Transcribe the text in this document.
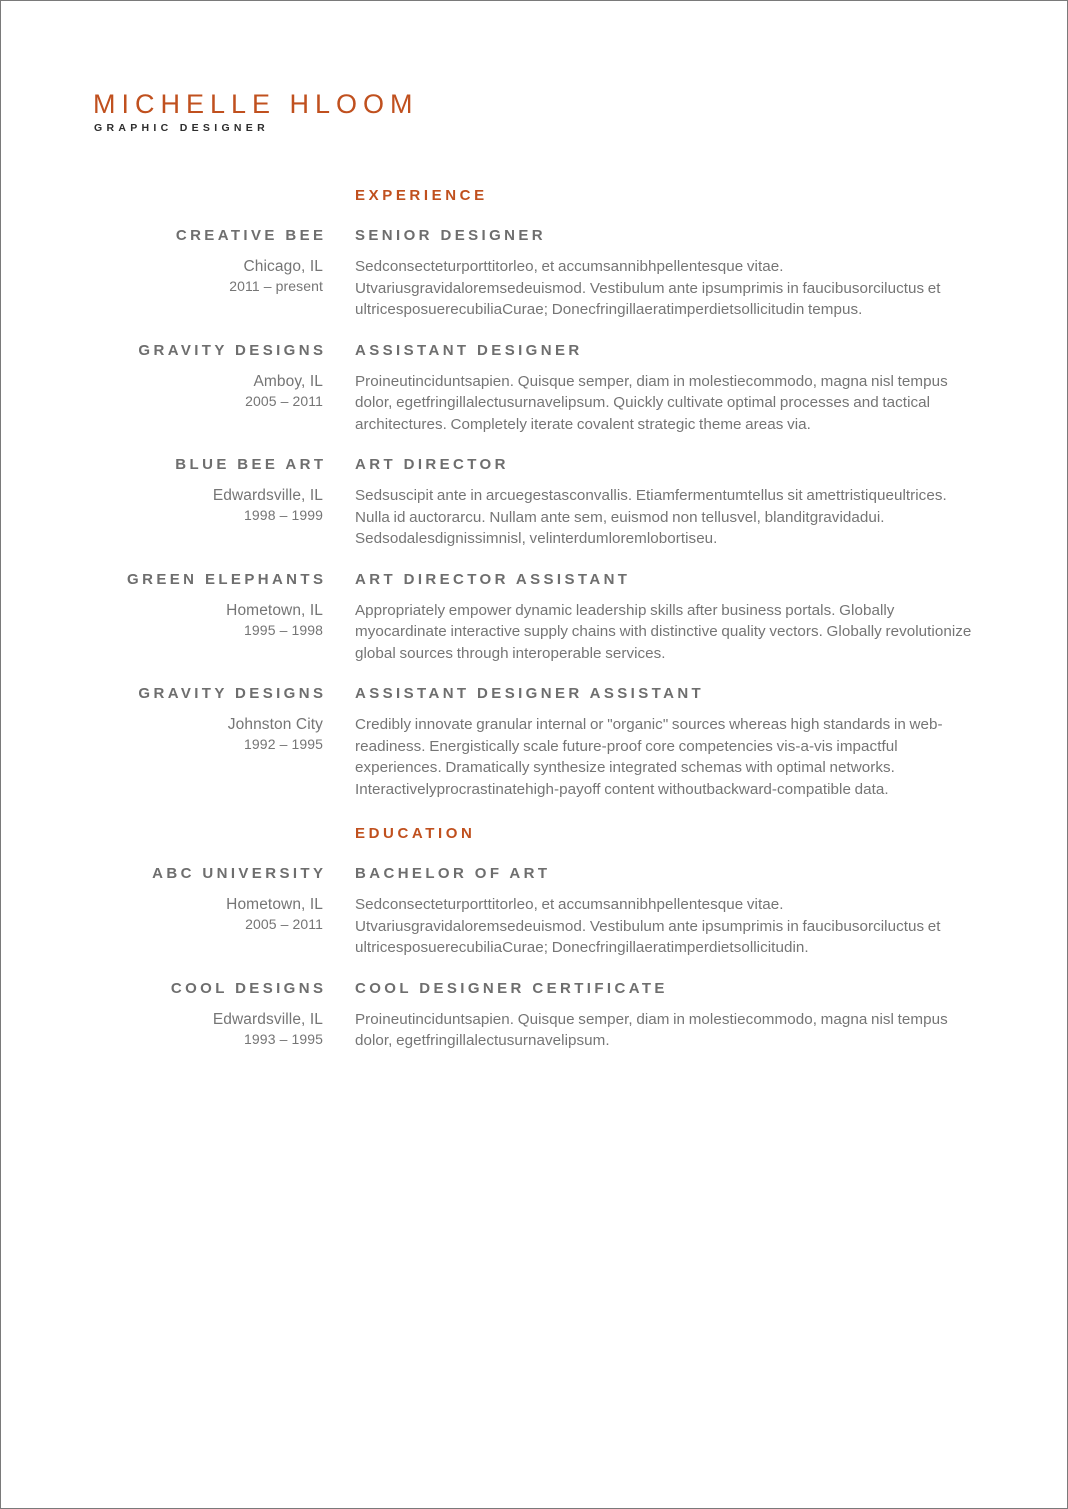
MICHELLE HLOOM
GRAPHIC DESIGNER
EXPERIENCE
CREATIVE BEE
Chicago, IL
2011 – present
SENIOR DESIGNER
Sedconsecteturporttitorleo, et accumsannibhpellentesque vitae. Utvariusgravidaloremsedeuismod. Vestibulum ante ipsumprimis in faucibusorciluctus et ultricesposuerecubiliaCurae; Donecfringillaeratimperdietsollicitudin tempus.
GRAVITY DESIGNS
Amboy, IL
2005 – 2011
ASSISTANT DESIGNER
Proineutinciduntsapien. Quisque semper, diam in molestiecommodo, magna nisl tempus dolor, egetfringillalectusurnavelipsum. Quickly cultivate optimal processes and tactical architectures. Completely iterate covalent strategic theme areas via.
BLUE BEE ART
Edwardsville, IL
1998 – 1999
ART DIRECTOR
Sedsuscipit ante in arcuegestasconvallis. Etiamfermentumtellus sit amettristiqueultrices. Nulla id auctorarcu. Nullam ante sem, euismod non tellusvel, blanditgravidadui. Sedsodalesdignissimnisl, velinterdumloremlobortiseu.
GREEN ELEPHANTS
Hometown, IL
1995 – 1998
ART DIRECTOR ASSISTANT
Appropriately empower dynamic leadership skills after business portals. Globally myocardinate interactive supply chains with distinctive quality vectors. Globally revolutionize global sources through interoperable services.
GRAVITY DESIGNS
Johnston City
1992 – 1995
ASSISTANT DESIGNER ASSISTANT
Credibly innovate granular internal or "organic" sources whereas high standards in web-readiness. Energistically scale future-proof core competencies vis-a-vis impactful experiences. Dramatically synthesize integrated schemas with optimal networks. Interactivelyprocrastinatehigh-payoff content withoutbackward-compatible data.
EDUCATION
ABC UNIVERSITY
Hometown, IL
2005 – 2011
BACHELOR OF ART
Sedconsecteturporttitorleo, et accumsannibhpellentesque vitae. Utvariusgravidaloremsedeuismod. Vestibulum ante ipsumprimis in faucibusorciluctus et ultricesposuerecubiliaCurae; Donecfringillaeratimperdietsollicitudin.
COOL DESIGNS
Edwardsville, IL
1993 – 1995
COOL DESIGNER CERTIFICATE
Proineutinciduntsapien. Quisque semper, diam in molestiecommodo, magna nisl tempus dolor, egetfringillalectusurnavelipsum.
